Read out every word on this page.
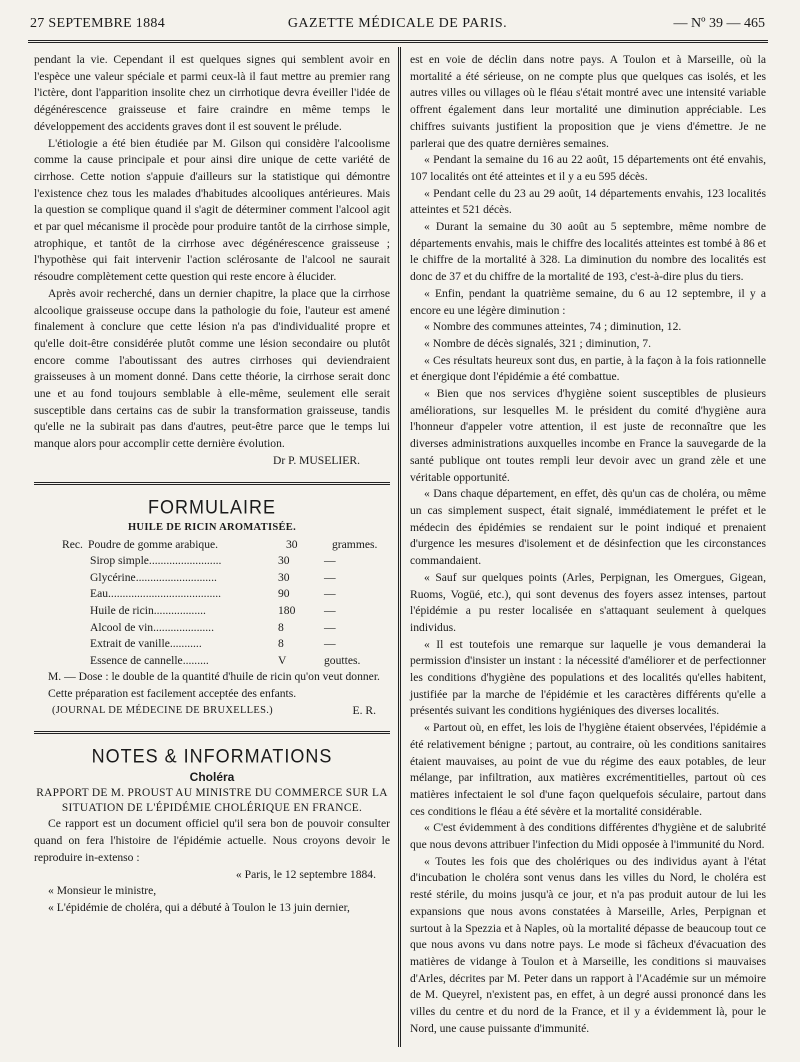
27 SEPTEMBRE 1884	GAZETTE MÉDICALE DE PARIS.	— Nº 39 — 465

pendant la vie. Cependant il est quelques signes qui semblent avoir en l'espèce une valeur spéciale et parmi ceux-là il faut mettre au premier rang l'ictère, dont l'apparition insolite chez un cirrhotique devra éveiller l'idée de dégénérescence graisseuse et faire craindre en même temps le développement des accidents graves dont il est souvent le prélude.

L'étiologie a été bien étudiée par M. Gilson qui considère l'alcoolisme comme la cause principale et pour ainsi dire unique de cette variété de cirrhose. Cette notion s'appuie d'ailleurs sur la statistique qui démontre l'existence chez tous les malades d'habitudes alcooliques antérieures. Mais la question se complique quand il s'agit de déterminer comment l'alcool agit et par quel mécanisme il procède pour produire tantôt de la cirrhose simple, atrophique, et tantôt de la cirrhose avec dégénérescence graisseuse ; l'hypothèse qui fait intervenir l'action sclérosante de l'alcool ne saurait résoudre complètement cette question qui reste encore à élucider.

Après avoir recherché, dans un dernier chapitre, la place que la cirrhose alcoolique graisseuse occupe dans la pathologie du foie, l'auteur est amené finalement à conclure que cette lésion n'a pas d'individualité propre et qu'elle doit-être considérée plutôt comme une lésion secondaire ou plutôt encore comme l'aboutissant des autres cirrhoses qui deviendraient graisseuses à un moment donné. Dans cette théorie, la cirrhose serait donc une et au fond toujours semblable à elle-même, seulement elle serait susceptible dans certains cas de subir la transformation graisseuse, tandis qu'elle ne la subirait pas dans d'autres, peut-être parce que le temps lui manque alors pour accomplir cette dernière évolution.

Dr P. MUSELIER.

FORMULAIRE
HUILE DE RICIN AROMATISÉE.
Rec. Poudre de gomme arabique.	30	grammes.
Sirop simple.........................	30	—
Glycérine............................	30	—
Eau.......................................	90	—
Huile de ricin..................	180	—
Alcool de vin.....................	8	—
Extrait de vanille...........	8	—
Essence de cannelle.........	V	gouttes.

M. — Dose : le double de la quantité d'huile de ricin qu'on veut donner.

Cette préparation est facilement acceptée des enfants.

(JOURNAL DE MÉDECINE DE BRUXELLES.)	E. R.
NOTES & INFORMATIONS
Choléra

RAPPORT DE M. PROUST AU MINISTRE DU COMMERCE SUR LA SITUATION DE L'ÉPIDÉMIE CHOLÉRIQUE EN FRANCE.

Ce rapport est un document officiel qu'il sera bon de pouvoir consulter quand on fera l'histoire de l'épidémie actuelle. Nous croyons devoir le reproduire in-extenso :

« Paris, le 12 septembre 1884.

« Monsieur le ministre,

« L'épidémie de choléra, qui a débuté à Toulon le 13 juin dernier,

est en voie de déclin dans notre pays. A Toulon et à Marseille, où la mortalité a été sérieuse, on ne compte plus que quelques cas isolés, et les autres villes ou villages où le fléau s'était montré avec une intensité variable offrent également dans leur mortalité une diminution appréciable. Les chiffres suivants justifient la proposition que je viens d'émettre. Je ne parlerai que des quatre dernières semaines.

« Pendant la semaine du 16 au 22 août, 15 départements ont été envahis, 107 localités ont été atteintes et il y a eu 595 décès.

« Pendant celle du 23 au 29 août, 14 départements envahis, 123 localités atteintes et 521 décès.

« Durant la semaine du 30 août au 5 septembre, même nombre de départements envahis, mais le chiffre des localités atteintes est tombé à 86 et le chiffre de la mortalité à 328. La diminution du nombre des localités est donc de 37 et du chiffre de la mortalité de 193, c'est-à-dire plus du tiers.

« Enfin, pendant la quatrième semaine, du 6 au 12 septembre, il y a encore eu une légère diminution :

« Nombre des communes atteintes, 74 ; diminution, 12.

« Nombre de décès signalés, 321 ; diminution, 7.

« Ces résultats heureux sont dus, en partie, à la façon à la fois rationnelle et énergique dont l'épidémie a été combattue.

« Bien que nos services d'hygiène soient susceptibles de plusieurs améliorations, sur lesquelles M. le président du comité d'hygiène aura l'honneur d'appeler votre attention, il est juste de reconnaître que les diverses administrations auxquelles incombe en France la sauvegarde de la santé publique ont toutes rempli leur devoir avec un grand zèle et une véritable opportunité.

« Dans chaque département, en effet, dès qu'un cas de choléra, ou même un cas simplement suspect, était signalé, immédiatement le préfet et le médecin des épidémies se rendaient sur le point indiqué et prenaient d'urgence les mesures d'isolement et de désinfection que les circonstances commandaient.

« Sauf sur quelques points (Arles, Perpignan, les Omergues, Gigean, Ruoms, Vogüé, etc.), qui sont devenus des foyers assez intenses, partout l'épidémie a pu rester localisée en s'attaquant seulement à quelques individus.

« Il est toutefois une remarque sur laquelle je vous demanderai la permission d'insister un instant : la nécessité d'améliorer et de perfectionner les conditions d'hygiène des populations et des localités qu'elles habitent, justifiée par la marche de l'épidémie et les caractères différents qu'elle a présentés suivant les conditions hygiéniques des diverses localités.

« Partout où, en effet, les lois de l'hygiène étaient observées, l'épidémie a été relativement bénigne ; partout, au contraire, où les conditions sanitaires étaient mauvaises, au point de vue du régime des eaux potables, de leur mélange, par infiltration, aux matières excrémentitielles, partout où ces matières infectaient le sol d'une façon quelquefois séculaire, partout dans ces conditions le fléau a été sévère et la mortalité considérable.

« C'est évidemment à des conditions différentes d'hygiène et de salubrité que nous devons attribuer l'infection du Midi opposée à l'immunité du Nord.

« Toutes les fois que des cholériques ou des individus ayant à l'état d'incubation le choléra sont venus dans les villes du Nord, le choléra est resté stérile, du moins jusqu'à ce jour, et n'a pas produit autour de lui les expansions que nous avons constatées à Marseille, Arles, Perpignan et surtout à la Spezzia et à Naples, où la mortalité dépasse de beaucoup tout ce que nous avons vu dans notre pays. Le mode si fâcheux d'évacuation des matières de vidange à Toulon et à Marseille, les conditions si mauvaises d'Arles, décrites par M. Peter dans un rapport à l'Académie sur un mémoire de M. Queyrel, n'existent pas, en effet, à un degré aussi prononcé dans les villes du centre et du nord de la France, et il y a évidemment là, pour le Nord, une cause puissante d'immunité.
